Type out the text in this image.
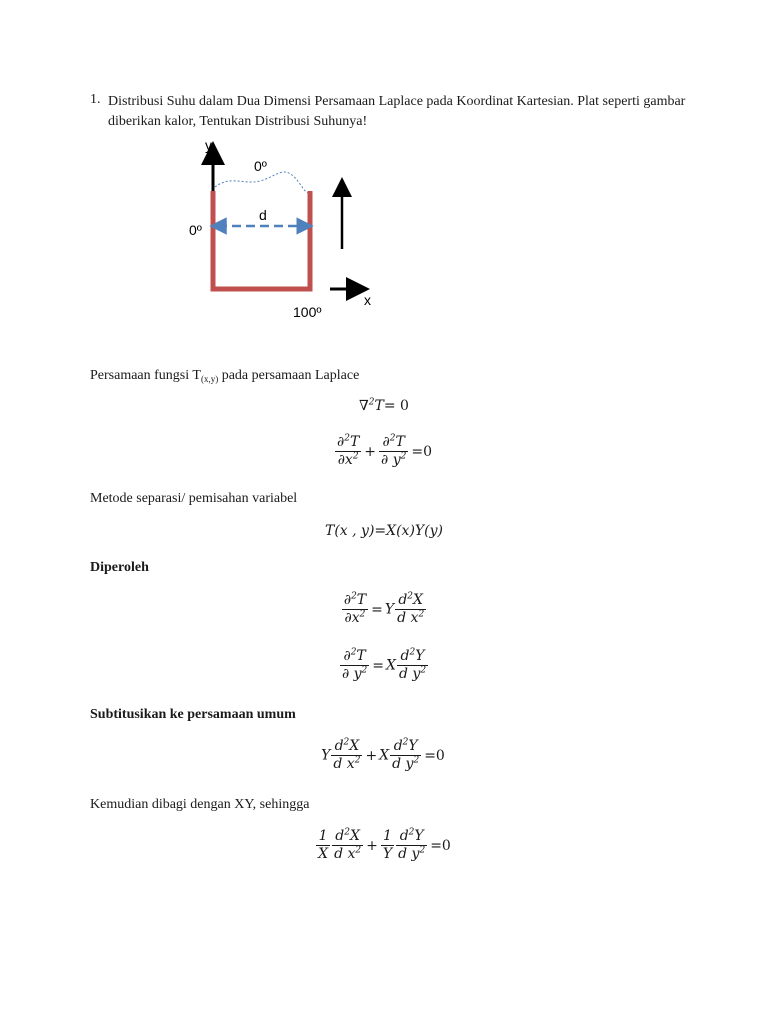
1. Distribusi Suhu dalam Dua Dimensi Persamaan Laplace pada Koordinat Kartesian. Plat seperti gambar
diberikan kalor, Tentukan Distribusi Suhunya!
y
x
0º
0º
100º
d
Persamaan fungsi $T_{(x,y)}$ pada persamaan Laplace
∇$^2$T= 0
$\frac{\partial^2T}{\partial x^2} + \frac{\partial^2T}{\partial y^2} =0$
Metode separasi/ pemisahan variabel
T(x , y)=X(x)Y(y)
Diperoleh
$\frac{\partial^2T}{\partial x^2} = Y \frac{d^2X}{d x^2}$
$\frac{\partial^2T}{\partial y^2} = X \frac{d^2Y}{d y^2}$
Subtitusikan ke persamaan umum
Y $\frac{d^2X}{d x^2} + X \frac{d^2Y}{d y^2} =0$
Kemudian dibagi dengan XY, sehingga
$\frac{1}{X} \frac{d^2X}{d x^2} + \frac{1}{Y} \frac{d^2Y}{d y^2} =0$
